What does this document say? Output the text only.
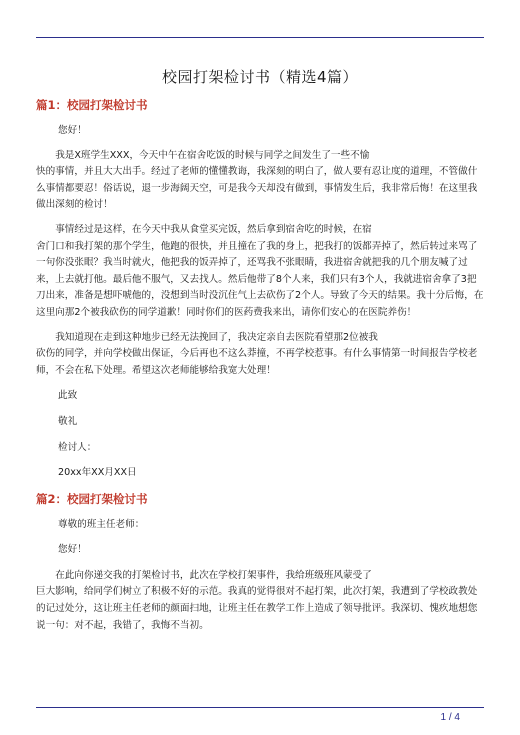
校园打架检讨书（精选4篇）

篇1：校园打架检讨书

您好！

我是X班学生XXX，今天中午在宿舍吃饭的时候与同学之间发生了一些不愉

快的事情，并且大大出手。经过了老师的懂懂教诲，我深刻的明白了，做人要有忍让度的道理，不管做什么事情都要忍！俗话说，退一步海阔天空，可是我今天却没有做到，事情发生后，我非常后悔！在这里我做出深刻的检讨！

事情经过是这样，在今天中我从食堂买完饭，然后拿到宿舍吃的时候，在宿

舍门口和我打架的那个学生，他跑的很快，并且撞在了我的身上，把我打的饭都弄掉了，然后转过来骂了一句你没张眼？我当时就火，他把我的饭弄掉了，还骂我不张眼睛，我进宿舍就把我的几个朋友喊了过来，上去就打他。最后他不服气，又去找人。然后他带了8个人来，我们只有3个人，我就进宿舍拿了3把刀出来，准备是想吓唬他的，没想到当时没沉住气上去砍伤了2个人。导致了今天的结果。我十分后悔，在这里向那2个被我砍伤的同学道歉！同时你们的医药费我来出，请你们安心的在医院养伤！

我知道现在走到这种地步已经无法挽回了，我决定亲自去医院看望那2位被我

砍伤的同学，并向学校做出保证，今后再也不这么莽撞，不再学校惹事。有什么事情第一时间报告学校老师，不会在私下处理。希望这次老师能够给我宽大处理！

此致

敬礼

检讨人：

20xx年XX月XX日

篇2：校园打架检讨书

尊敬的班主任老师：

您好！

在此向你递交我的打架检讨书，此次在学校打架事件，我给班级班风蒙受了

巨大影响，给同学们树立了积极不好的示范。我真的觉得很对不起打架，此次打架，我遭到了学校政教处的记过处分，这让班主任老师的颜面扫地，让班主任在教学工作上造成了领导批评。我深切、愧疚地想您说一句：对不起，我错了，我悔不当初。

1 / 4
